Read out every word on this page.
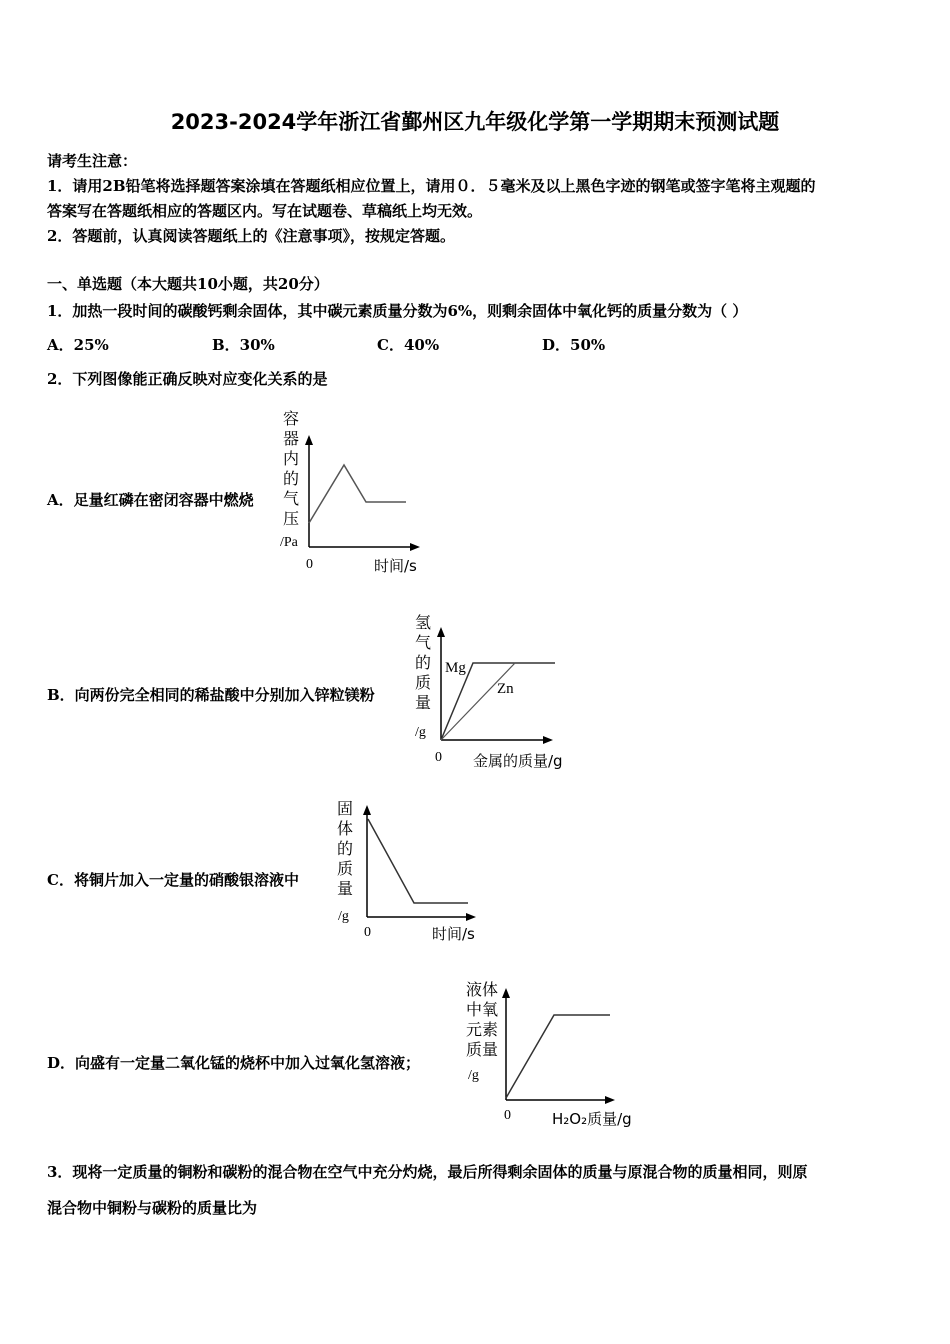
2023-2024学年浙江省鄞州区九年级化学第一学期期末预测试题
请考生注意：
1．请用2B铅笔将选择题答案涂填在答题纸相应位置上，请用０．５毫米及以上黑色字迹的钢笔或签字笔将主观题的
答案写在答题纸相应的答题区内。写在试题卷、草稿纸上均无效。
2．答题前，认真阅读答题纸上的《注意事项》，按规定答题。
一、单选题（本大题共10小题，共20分）
1．加热一段时间的碳酸钙剩余固体，其中碳元素质量分数为6%，则剩余固体中氧化钙的质量分数为（ ）
A．25%	B．30%	C．40%	D．50%
2．下列图像能正确反映对应变化关系的是
A．足量红磷在密闭容器中燃烧
容器内的气压
/Pa
0	时间/s
B．向两份完全相同的稀盐酸中分别加入锌粒镁粉
氢气的质量
/g
0 金属的质量/g
Mg
Zn
C．将铜片加入一定量的硝酸银溶液中
固体的质量
/g
0	时间/s
D．向盛有一定量二氧化锰的烧杯中加入过氧化氢溶液；
液体中氧元素质量
/g
0	H₂O₂质量/g
3．现将一定质量的铜粉和碳粉的混合物在空气中充分灼烧，最后所得剩余固体的质量与原混合物的质量相同，则原
混合物中铜粉与碳粉的质量比为
